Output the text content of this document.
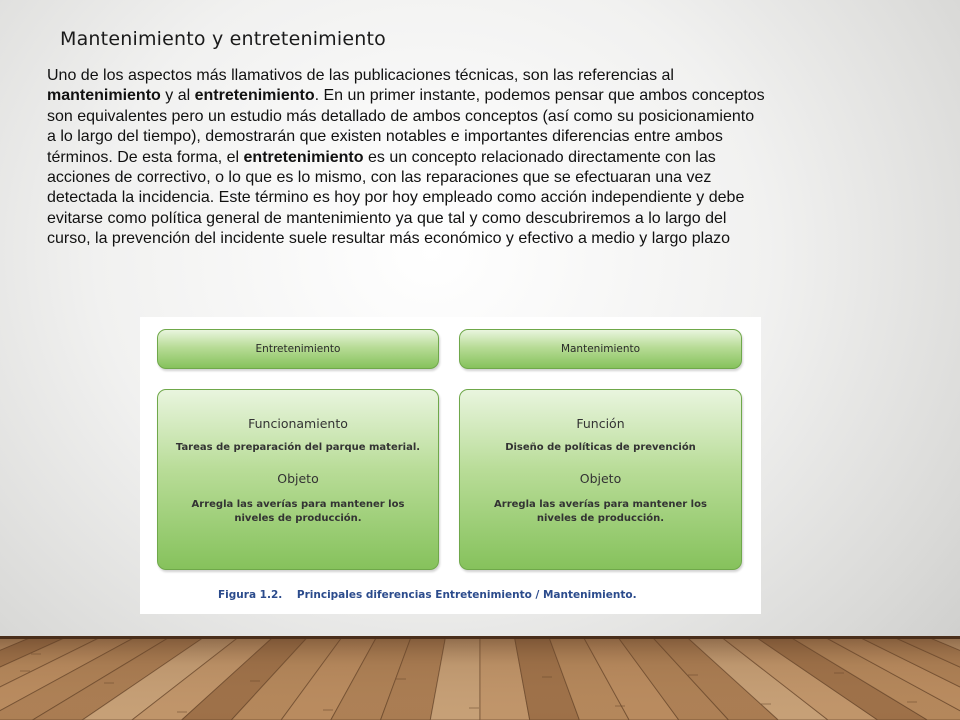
Mantenimiento y entretenimiento

Uno de los aspectos más llamativos de las publicaciones técnicas, son las referencias al mantenimiento y al entretenimiento. En un primer instante, podemos pensar que ambos conceptos son equivalentes pero un estudio más detallado de ambos conceptos (así como su posicionamiento a lo largo del tiempo), demostrarán que existen notables e importantes diferencias entre ambos términos. De esta forma, el entretenimiento es un concepto relacionado directamente con las acciones de correctivo, o lo que es lo mismo, con las reparaciones que se efectuaran una vez detectada la incidencia. Este término es hoy por hoy empleado como acción independiente y debe evitarse como política general de mantenimiento ya que tal y como descubriremos a lo largo del curso, la prevención del incidente suele resultar más económico y efectivo a medio y largo plazo

Entretenimiento	Mantenimiento
Funcionamiento
Tareas de preparación del parque material.
Objeto
Arregla las averías para mantener los niveles de producción.
Función
Diseño de políticas de prevención
Objeto
Arregla las averías para mantener los niveles de producción.
Figura 1.2.    Principales diferencias Entretenimiento / Mantenimiento.
